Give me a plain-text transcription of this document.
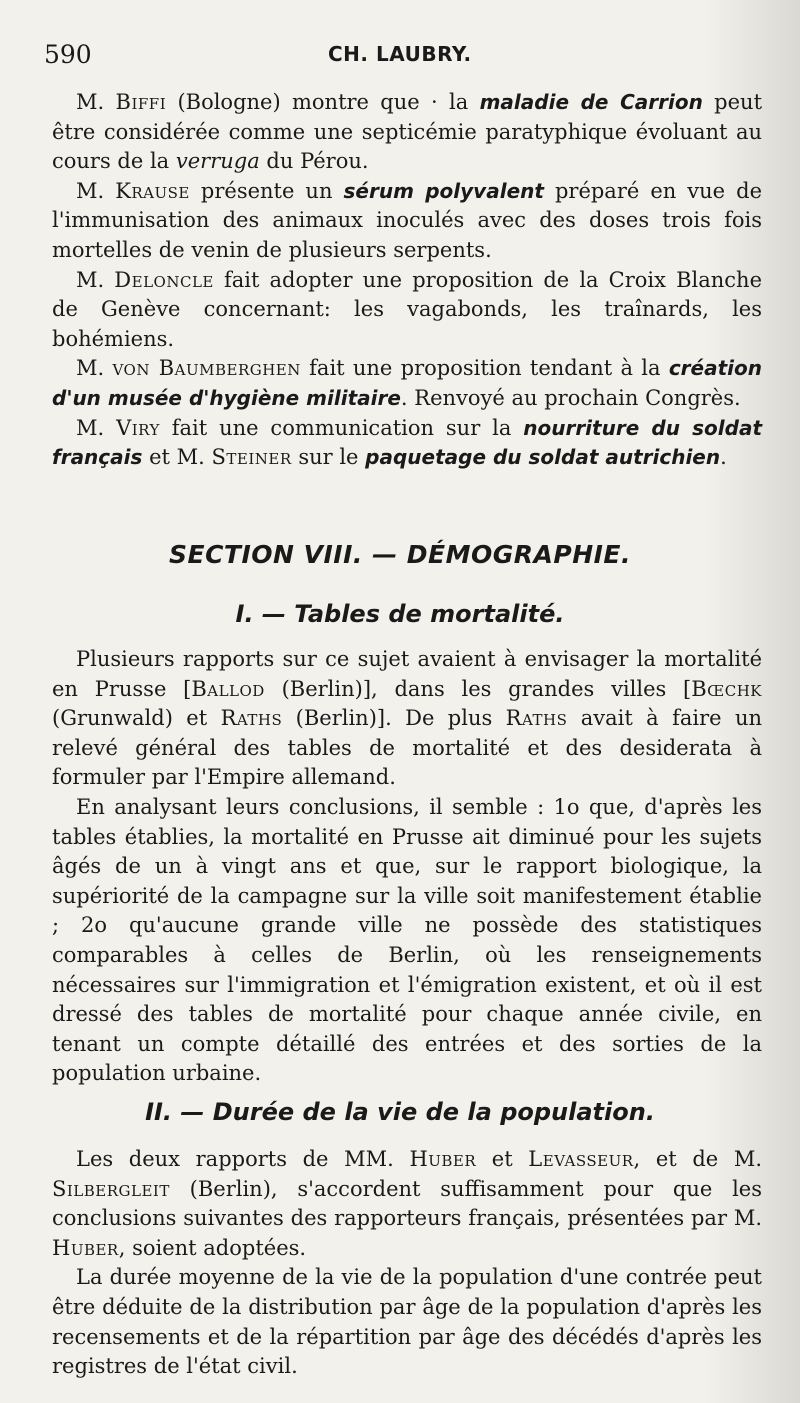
590	CH. LAUBRY.

M. Biffi (Bologne) montre que · la maladie de Carrion peut être considérée comme une septicémie paratyphique évoluant au cours de la verruga du Pérou.

M. Krause présente un sérum polyvalent préparé en vue de l'immunisation des animaux inoculés avec des doses trois fois mortelles de venin de plusieurs serpents.

M. Deloncle fait adopter une proposition de la Croix Blanche de Genève concernant: les vagabonds, les traînards, les bohémiens.

M. von Baumberghen fait une proposition tendant à la création d'un musée d'hygiène militaire. Renvoyé au prochain Congrès.

M. Viry fait une communication sur la nourriture du soldat français et M. Steiner sur le paquetage du soldat autrichien.

SECTION VIII. — DÉMOGRAPHIE.
I. — Tables de mortalité.

Plusieurs rapports sur ce sujet avaient à envisager la mortalité en Prusse [Ballod (Berlin)], dans les grandes villes [Bœchk (Grunwald) et Raths (Berlin)]. De plus Raths avait à faire un relevé général des tables de mortalité et des desiderata à formuler par l'Empire allemand.

En analysant leurs conclusions, il semble : 1o que, d'après les tables établies, la mortalité en Prusse ait diminué pour les sujets âgés de un à vingt ans et que, sur le rapport biologique, la supériorité de la campagne sur la ville soit manifestement établie ; 2o qu'aucune grande ville ne possède des statistiques comparables à celles de Berlin, où les renseignements nécessaires sur l'immigration et l'émigration existent, et où il est dressé des tables de mortalité pour chaque année civile, en tenant un compte détaillé des entrées et des sorties de la population urbaine.

II. — Durée de la vie de la population.

Les deux rapports de MM. Huber et Levasseur, et de M. Silbergleit (Berlin), s'accordent suffisamment pour que les conclusions suivantes des rapporteurs français, présentées par M. Huber, soient adoptées.

La durée moyenne de la vie de la population d'une contrée peut être déduite de la distribution par âge de la population d'après les recensements et de la répartition par âge des décédés d'après les registres de l'état civil.
